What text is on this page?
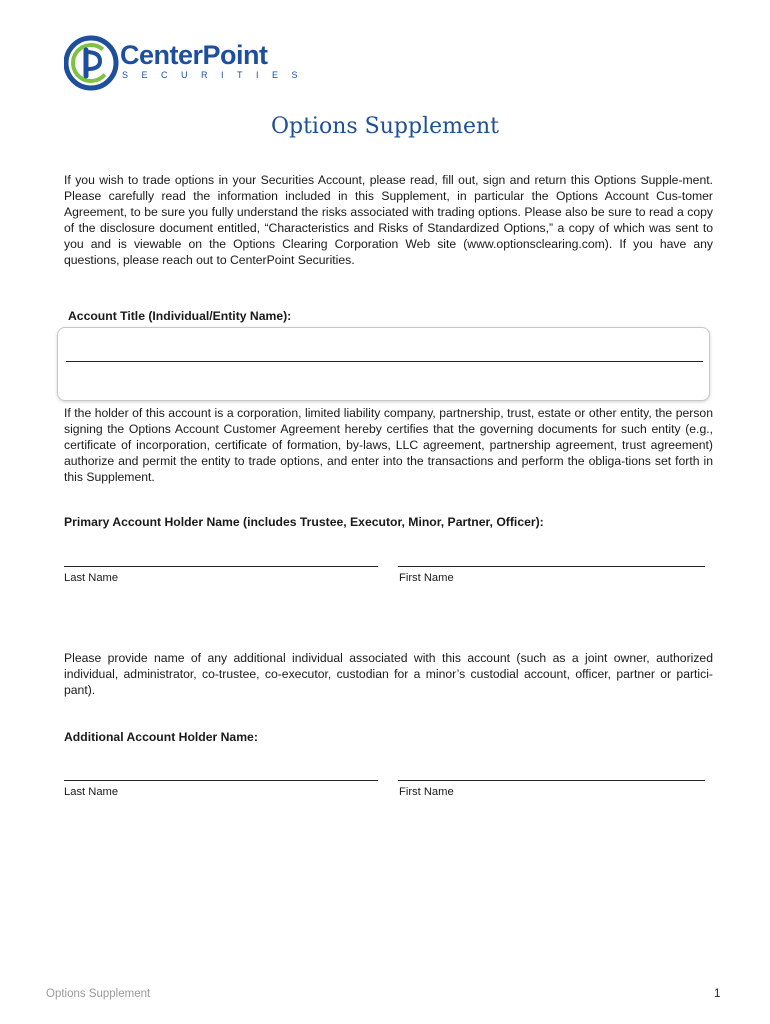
CenterPoint
SECURITIES
Options Supplement

If you wish to trade options in your Securities Account, please read, fill out, sign and return this Options Supple-ment. Please carefully read the information included in this Supplement, in particular the Options Account Cus-tomer Agreement, to be sure you fully understand the risks associated with trading options. Please also be sure to read a copy of the disclosure document entitled, “Characteristics and Risks of Standardized Options,” a copy of which was sent to you and is viewable on the Options Clearing Corporation Web site (www.optionsclearing.com). If you have any questions, please reach out to CenterPoint Securities.

Account Title (Individual/Entity Name):

If the holder of this account is a corporation, limited liability company, partnership, trust, estate or other entity, the person signing the Options Account Customer Agreement hereby certifies that the governing documents for such entity (e.g., certificate of incorporation, certificate of formation, by-laws, LLC agreement, partnership agreement, trust agreement) authorize and permit the entity to trade options, and enter into the transactions and perform the obliga-tions set forth in this Supplement.

Primary Account Holder Name (includes Trustee, Executor, Minor, Partner, Officer):
Last Name	First Name

Please provide name of any additional individual associated with this account (such as a joint owner, authorized individual, administrator, co-trustee, co-executor, custodian for a minor’s custodial account, officer, partner or partici-pant).

Additional Account Holder Name:
Last Name	First Name
Options Supplement	1
